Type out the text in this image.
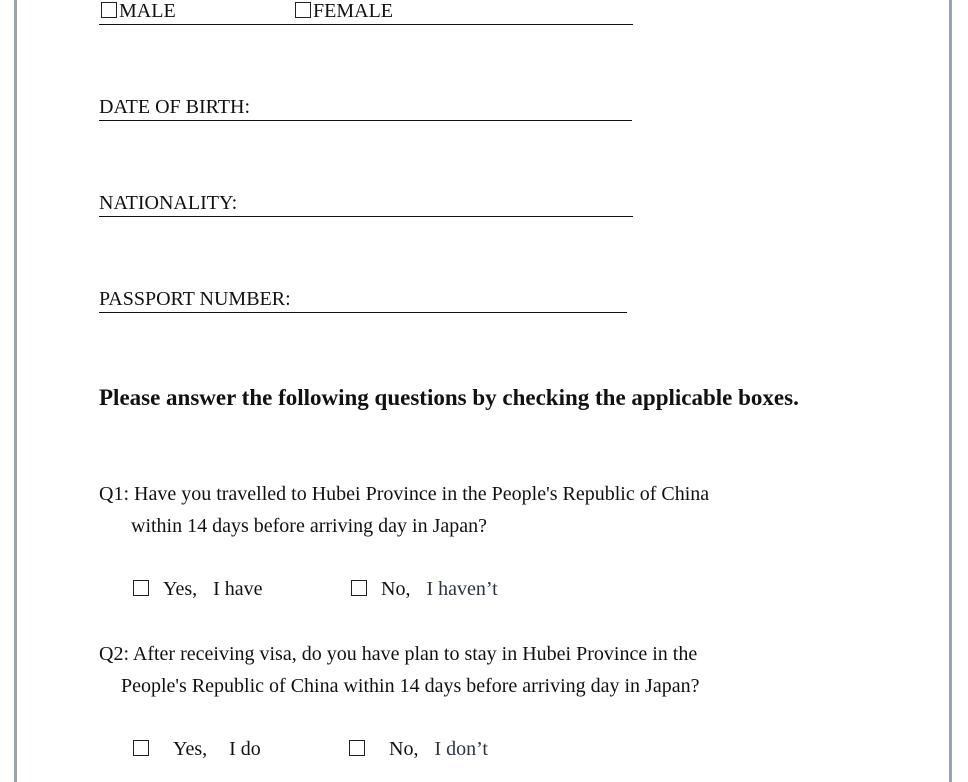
MALE	FEMALE
DATE OF BIRTH:
NATIONALITY:
PASSPORT NUMBER:
Please answer the following questions by checking the applicable boxes.
Q1: Have you travelled to Hubei Province in the People's Republic of China
within 14 days before arriving day in Japan?
Yes, I have	No, I haven’t
Q2: After receiving visa, do you have plan to stay in Hubei Province in the
People's Republic of China within 14 days before arriving day in Japan?
Yes, I do	No, I don’t
